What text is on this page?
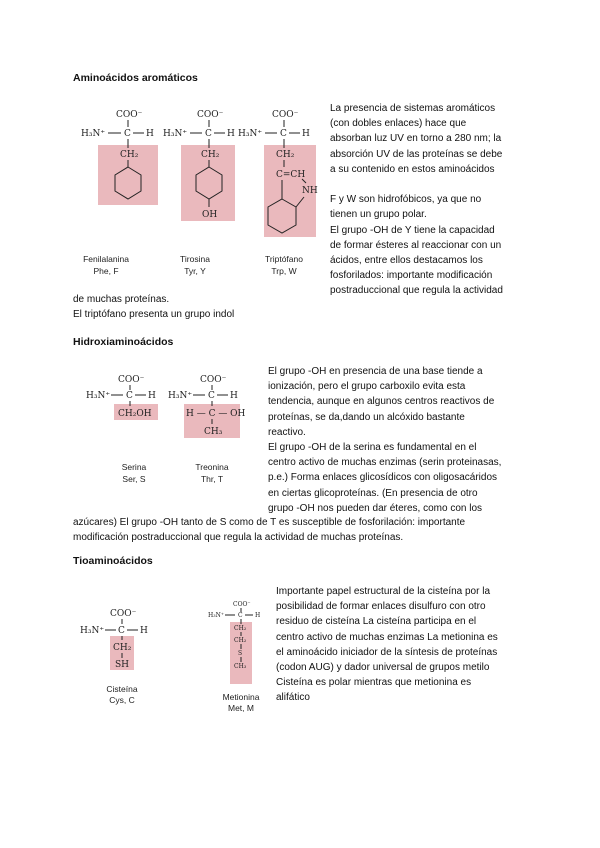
Aminoácidos aromáticos
COO⁻
H₃N⁺ C H
CH₂
COO⁻
H₃N⁺ C H
CH₂
OH
COO⁻
H₃N⁺ C H
CH₂
C=CH
NH
Fenilalanina
Phe, F
Tirosina
Tyr, Y
Triptófano
Trp, W
La presencia de sistemas aromáticos
(con dobles enlaces) hace que
absorban luz UV en torno a 280 nm; la
absorción UV de las proteínas se debe
a su contenido en estos aminoácidos
F y W son hidrofóbicos, ya que no
tienen un grupo polar.
El grupo -OH de Y tiene la capacidad
de formar ésteres al reaccionar con un
ácidos, entre ellos destacamos los
fosforilados: importante modificación
postraduccional que regula la actividad
de muchas proteínas.
El triptófano presenta un grupo indol
Hidroxiaminoácidos
COO⁻
H₃N⁺ C H
CH₂OH
COO⁻
H₃N⁺ C H
H — C — OH
CH₃
Serina
Ser, S
Treonina
Thr, T
El grupo -OH en presencia de una base tiende a
ionización, pero el grupo carboxilo evita esta
tendencia, aunque en algunos centros reactivos de
proteínas, se da,dando un alcóxido bastante
reactivo.
El grupo -OH de la serina es fundamental en el
centro activo de muchas enzimas (serin proteinasas,
p.e.) Forma enlaces glicosídicos con oligosacáridos
en ciertas glicoproteínas. (En presencia de otro
grupo -OH nos pueden dar éteres, como con los
azúcares) El grupo -OH tanto de S como de T es susceptible de fosforilación: importante
modificación postraduccional que regula la actividad de muchas proteínas.
Tioaminoácidos
COO⁻
H₃N⁺ C H
CH₂
SH
COO⁻
H₃N⁺ C H
CH₂
CH₂
S
CH₃
Cisteína
Cys, C	Metionina
Met, M
Importante papel estructural de la cisteína por la
posibilidad de formar enlaces disulfuro con otro
residuo de cisteína La cisteína participa en el
centro activo de muchas enzimas La metionina es
el aminoácido iniciador de la síntesis de proteínas
(codon AUG) y dador universal de grupos metilo
Cisteína es polar mientras que metionina es
alifático
